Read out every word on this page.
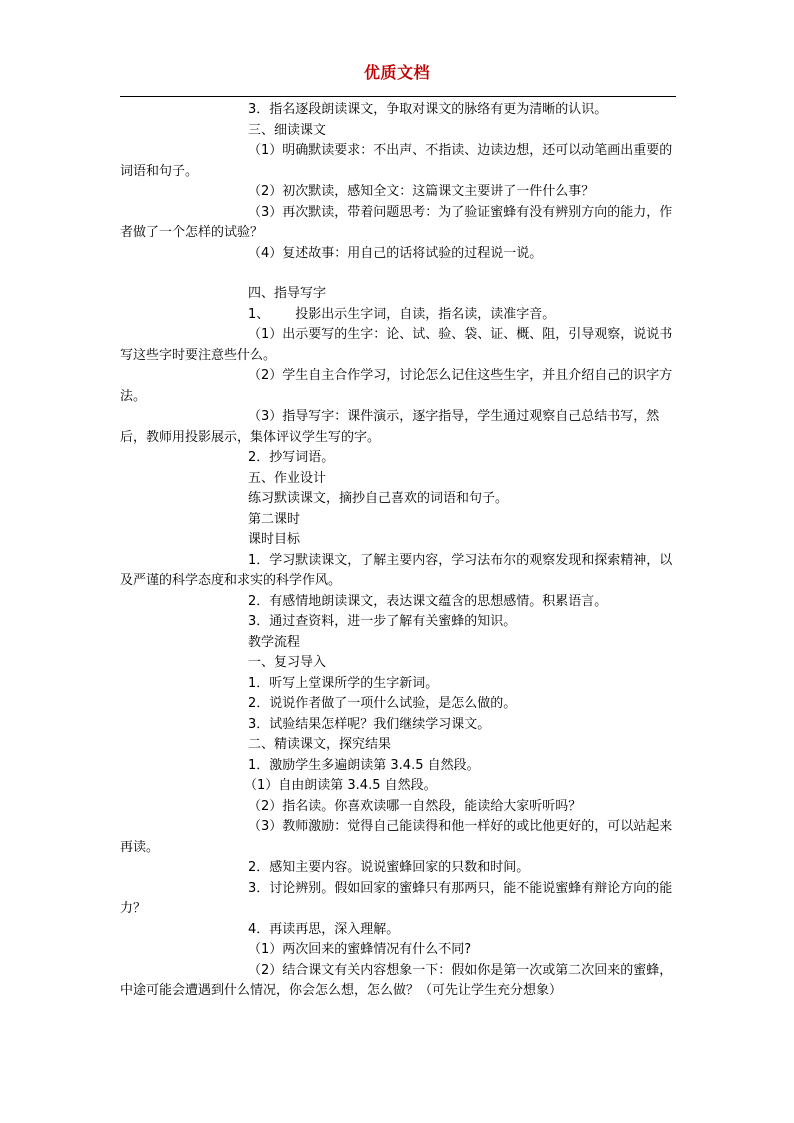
优质文档

3．指名逐段朗读课文，争取对课文的脉络有更为清晰的认识。

三、细读课文

（1）明确默读要求：不出声、不指读、边读边想，还可以动笔画出重要的词语和句子。

（2）初次默读，感知全文：这篇课文主要讲了一件什么事？

（3）再次默读，带着问题思考：为了验证蜜蜂有没有辨别方向的能力，作者做了一个怎样的试验？

（4）复述故事：用自己的话将试验的过程说一说。

四、指导写字

1、 投影出示生字词，自读，指名读，读准字音。

（1）出示要写的生字：论、试、验、袋、证、概、阻，引导观察，说说书写这些字时要注意些什么。

（2）学生自主合作学习，讨论怎么记住这些生字，并且介绍自己的识字方法。

（3）指导写字：课件演示，逐字指导，学生通过观察自己总结书写，然后，教师用投影展示，集体评议学生写的字。

2．抄写词语。

五、作业设计

练习默读课文，摘抄自己喜欢的词语和句子。

第二课时

课时目标

1．学习默读课文，了解主要内容，学习法布尔的观察发现和探索精神，以及严谨的科学态度和求实的科学作风。

2．有感情地朗读课文，表达课文蕴含的思想感情。积累语言。

3．通过查资料，进一步了解有关蜜蜂的知识。

教学流程

一、复习导入

1．听写上堂课所学的生字新词。

2．说说作者做了一项什么试验，是怎么做的。

3．试验结果怎样呢？我们继续学习课文。

二、精读课文，探究结果

1．激励学生多遍朗读第 3.4.5 自然段。

（1）自由朗读第 3.4.5 自然段。

（2）指名读。你喜欢读哪一自然段，能读给大家听听吗？

（3）教师激励：觉得自己能读得和他一样好的或比他更好的，可以站起来再读。

2．感知主要内容。说说蜜蜂回家的只数和时间。

3．讨论辨别。假如回家的蜜蜂只有那两只，能不能说蜜蜂有辩论方向的能力？

4．再读再思，深入理解。

（1）两次回来的蜜蜂情况有什么不同?

（2）结合课文有关内容想象一下：假如你是第一次或第二次回来的蜜蜂，中途可能会遭遇到什么情况，你会怎么想，怎么做？（可先让学生充分想象）
